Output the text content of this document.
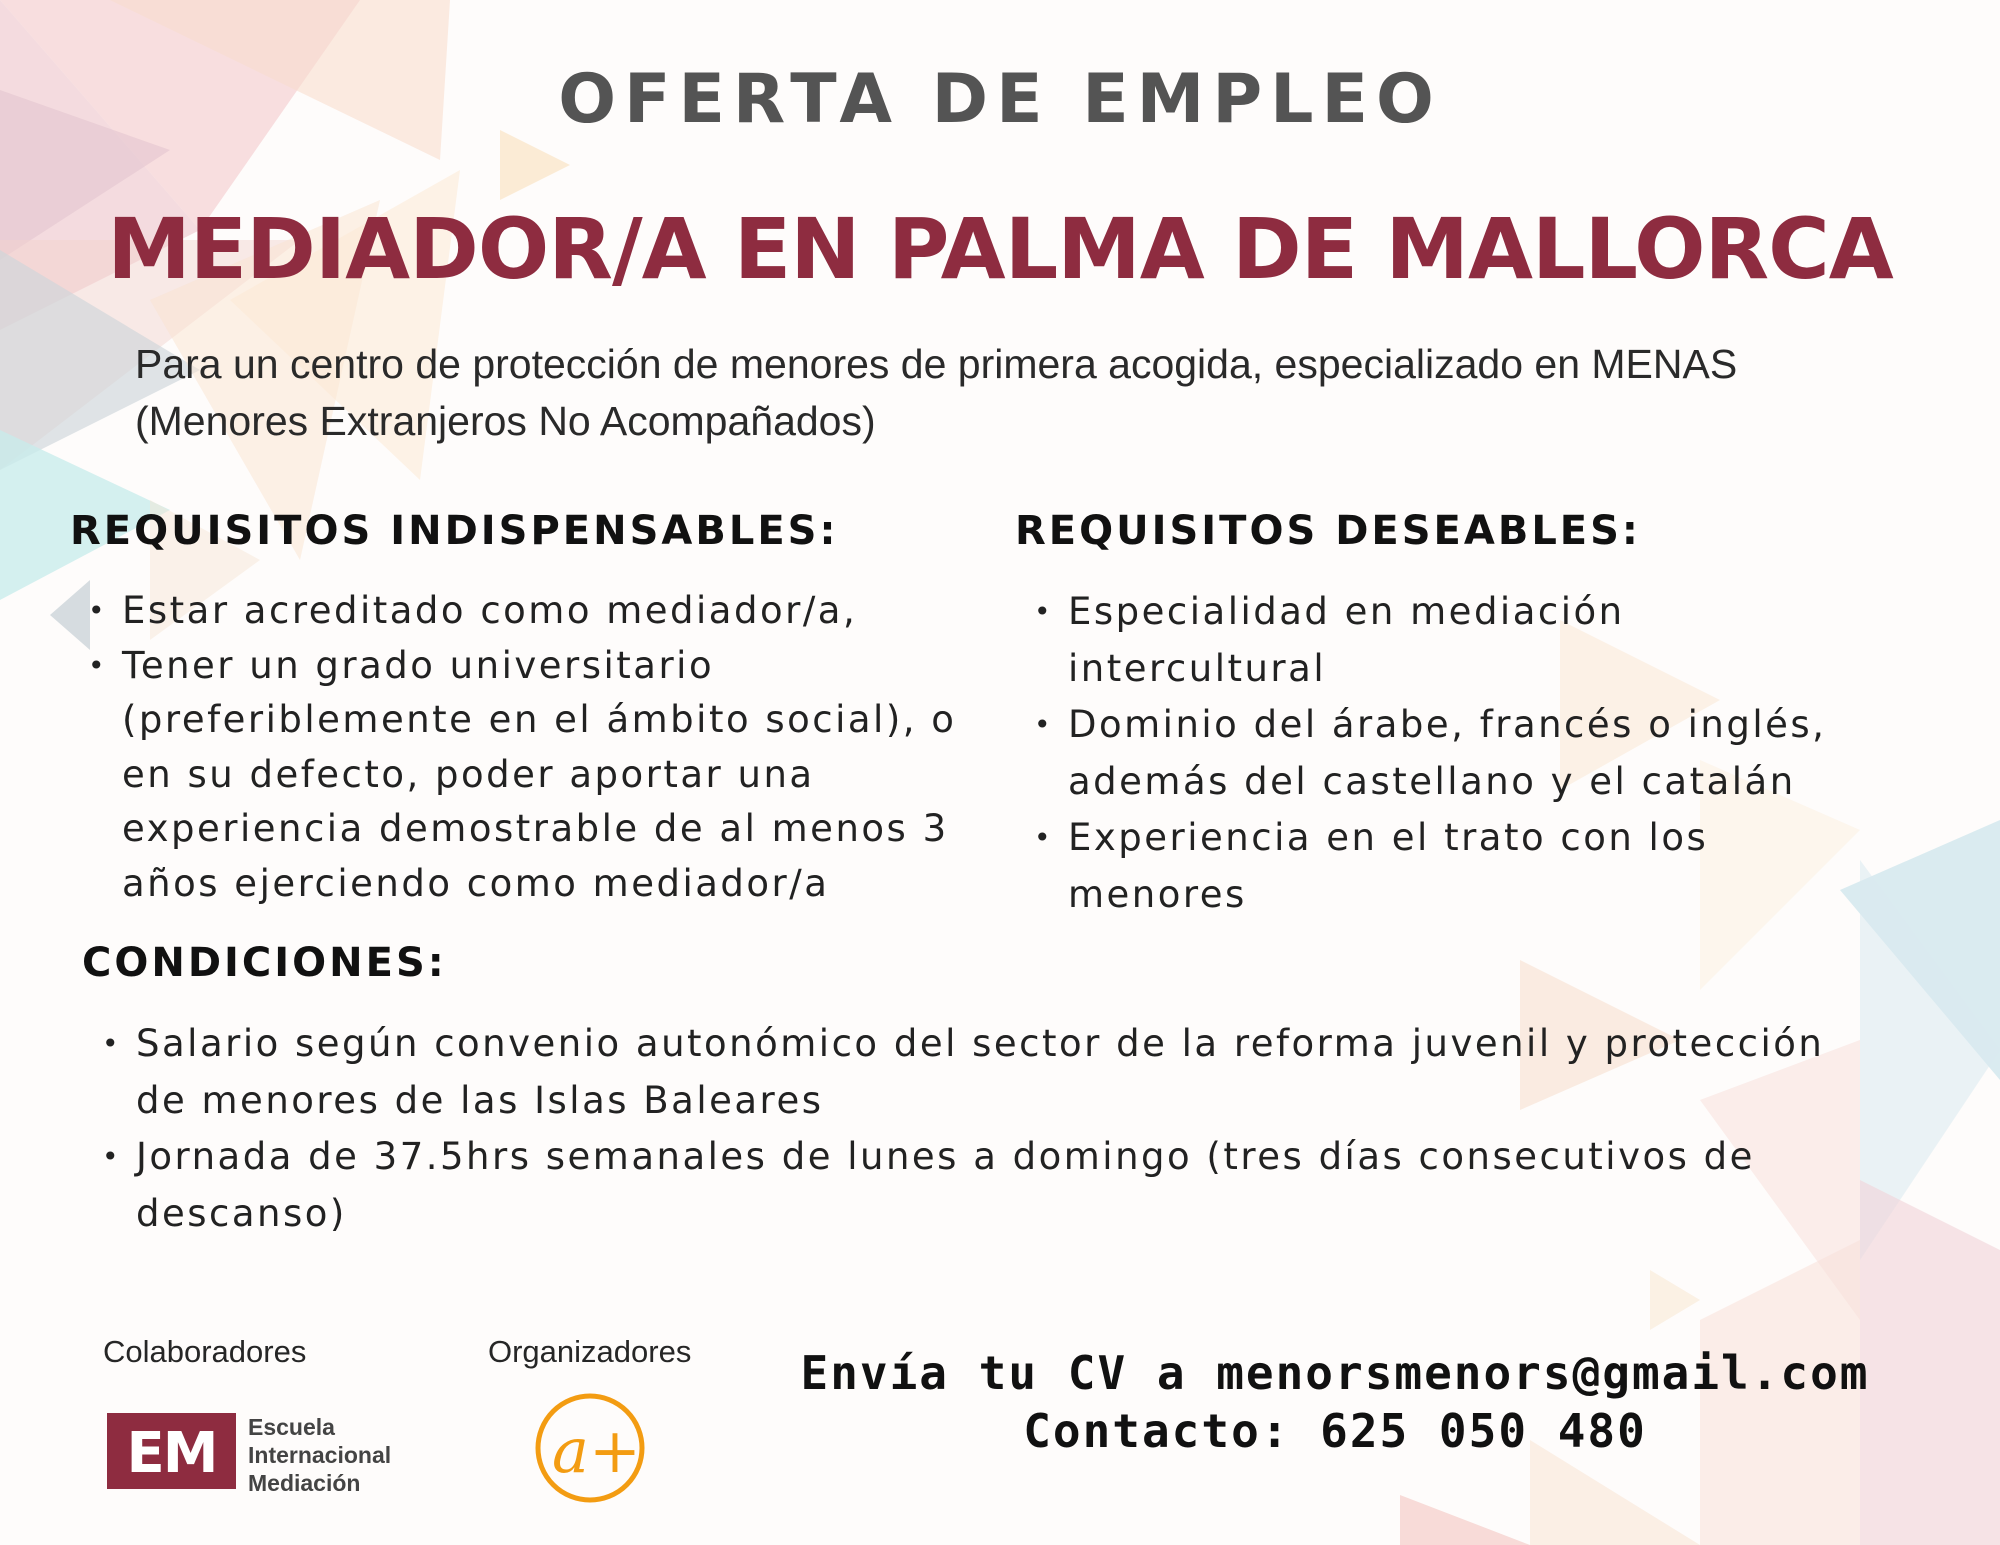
OFERTA DE EMPLEO
MEDIADOR/A EN PALMA DE MALLORCA

Para un centro de protección de menores de primera acogida, especializado en MENAS
(Menores Extranjeros No Acompañados)

REQUISITOS INDISPENSABLES:
• Estar acreditado como mediador/a,
• Tener un grado universitario
(preferiblemente en el ámbito social), o
en su defecto, poder aportar una
experiencia demostrable de al menos 3
años ejerciendo como mediador/a
REQUISITOS DESEABLES:
• Especialidad en mediación
intercultural
• Dominio del árabe, francés o inglés,
además del castellano y el catalán
• Experiencia en el trato con los
menores
CONDICIONES:
• Salario según convenio autonómico del sector de la reforma juvenil y protección
de menores de las Islas Baleares
• Jornada de 37.5hrs semanales de lunes a domingo (tres días consecutivos de
descanso)

Colaboradores	Organizadores

EM	Escuela
Internacional
Mediación	a+

Envía tu CV a menorsmenors@gmail.com

Contacto: 625 050 480
